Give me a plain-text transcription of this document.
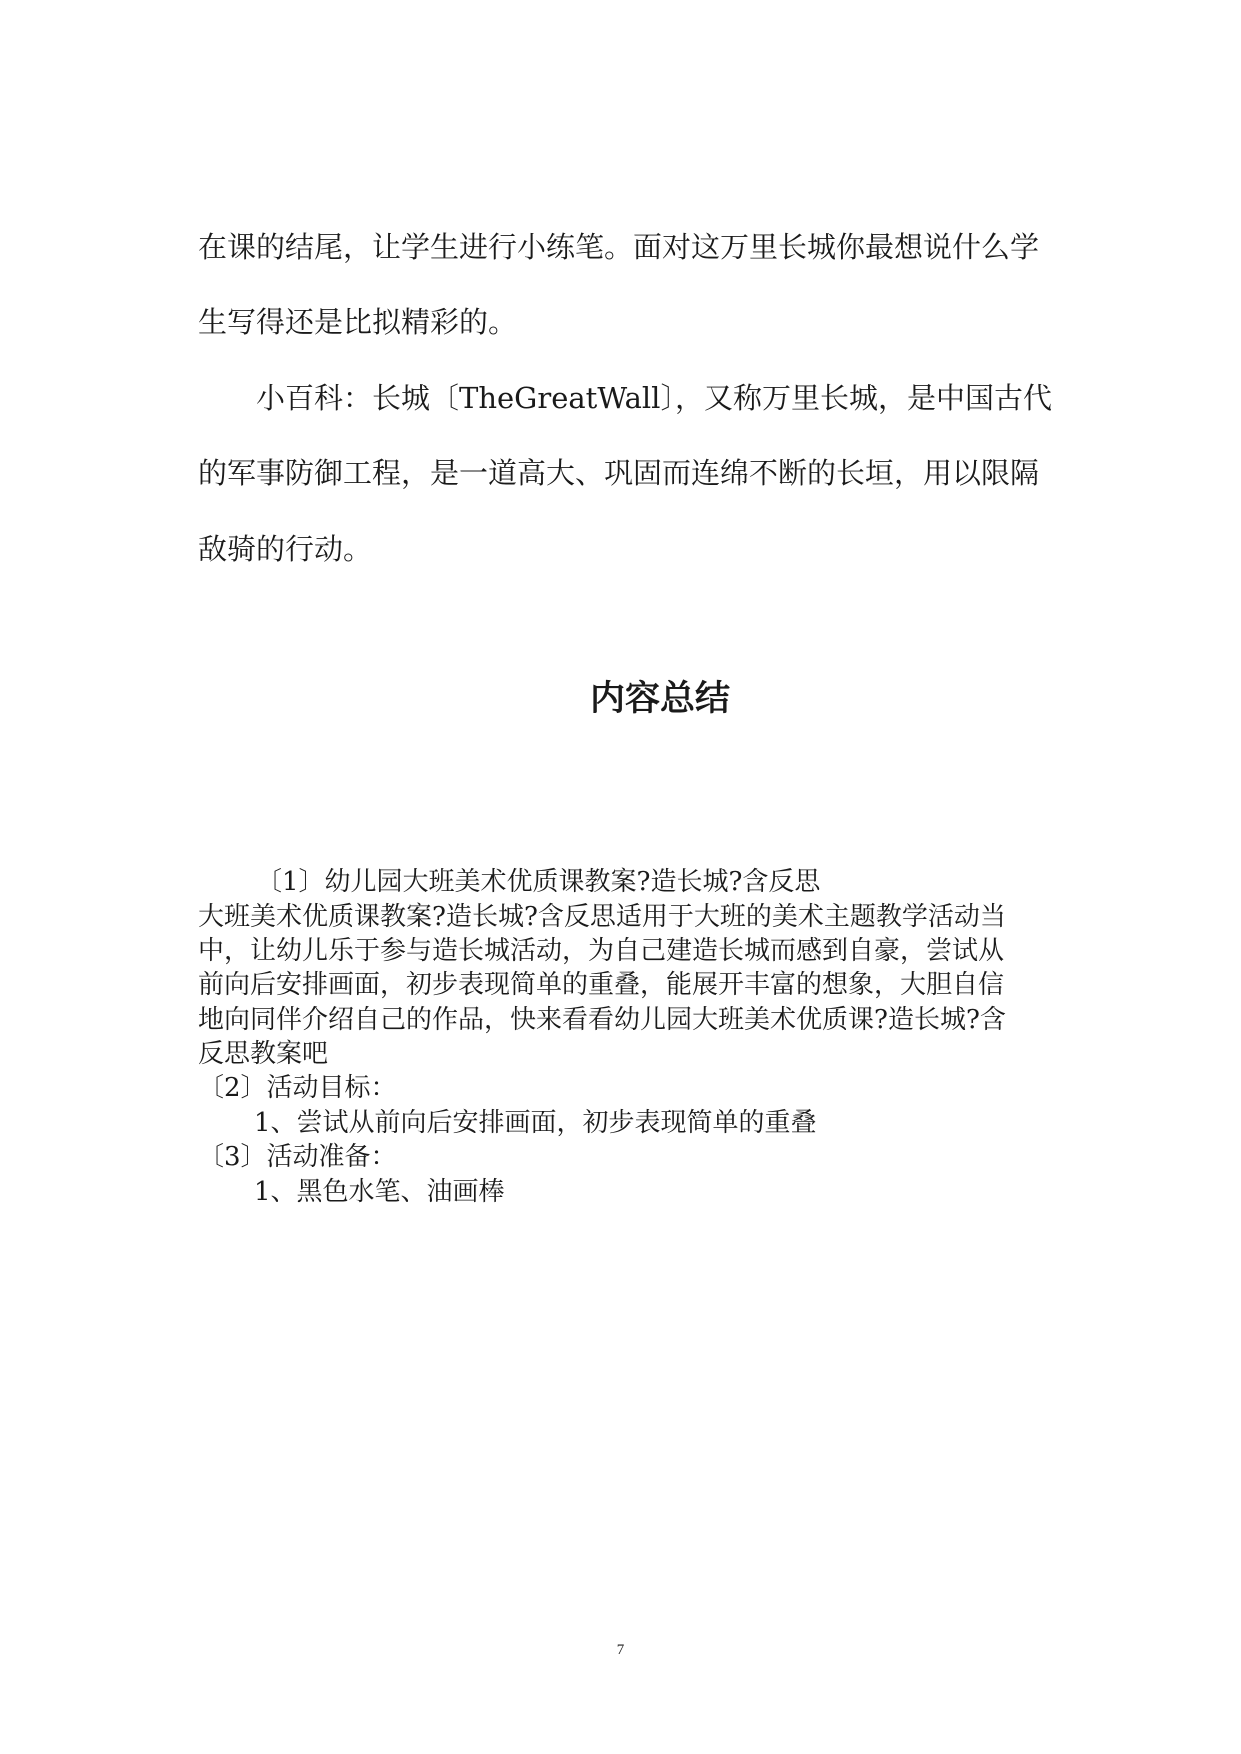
在课的结尾，让学生进行小练笔。面对这万里长城你最想说什么学
生写得还是比拟精彩的。
小百科：长城〔TheGreatWall〕，又称万里长城，是中国古代
的军事防御工程，是一道高大、巩固而连绵不断的长垣，用以限隔
敌骑的行动。
内容总结
〔1〕幼儿园大班美术优质课教案?造长城?含反思
大班美术优质课教案?造长城?含反思适用于大班的美术主题教学活动当
中，让幼儿乐于参与造长城活动，为自己建造长城而感到自豪，尝试从
前向后安排画面，初步表现简单的重叠，能展开丰富的想象，大胆自信
地向同伴介绍自己的作品，快来看看幼儿园大班美术优质课?造长城?含
反思教案吧
〔2〕活动目标：
1、尝试从前向后安排画面，初步表现简单的重叠
〔3〕活动准备：
1、黑色水笔、油画棒
7
